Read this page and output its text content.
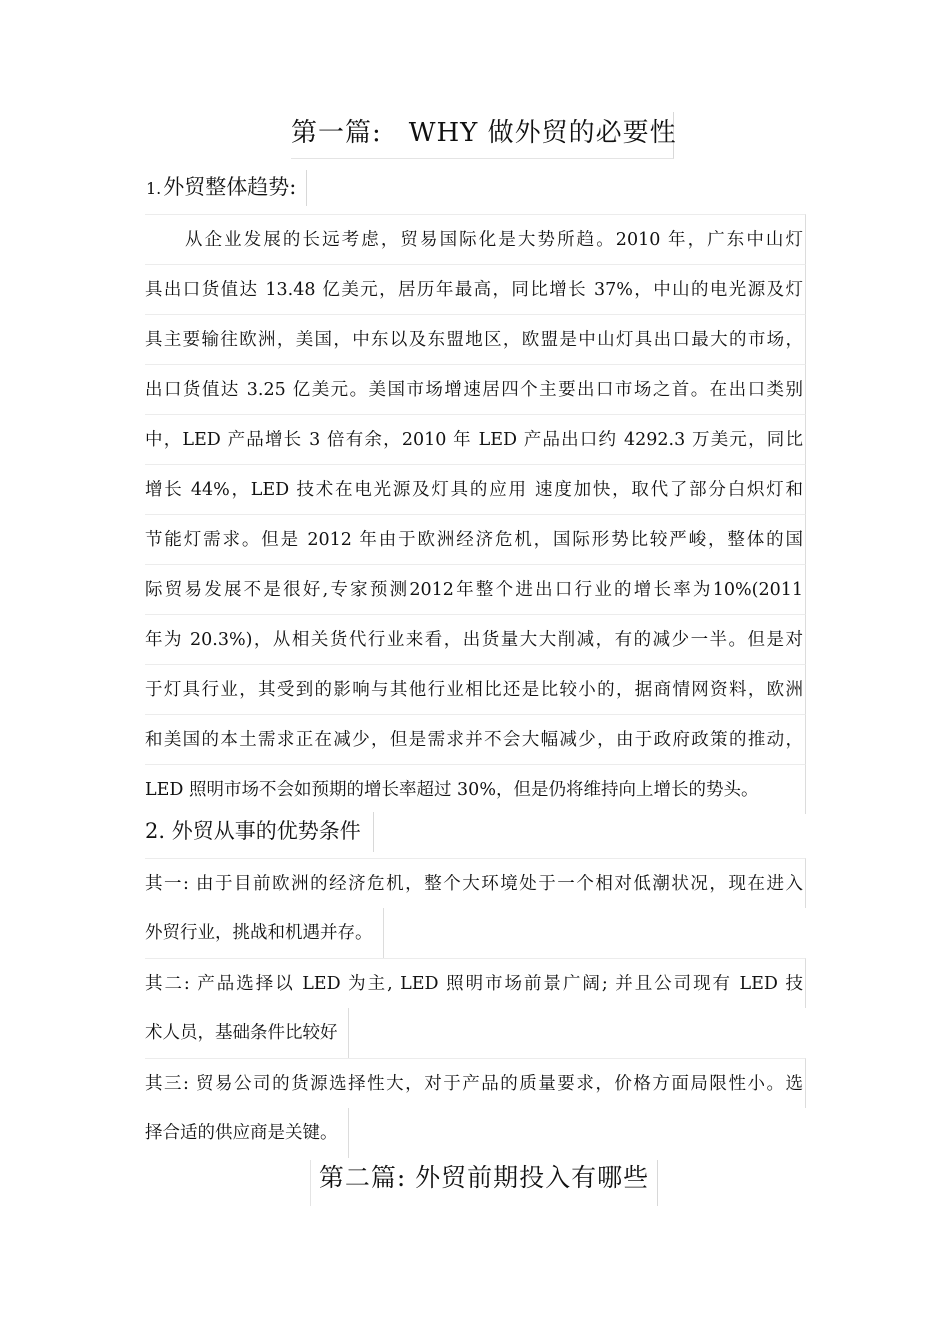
第一篇:　WHY 做外贸的必要性
1.外贸整体趋势:
从企业发展的长远考虑，贸易国际化是大势所趋。2010 年，广东中山灯
具出口货值达 13.48 亿美元，居历年最高，同比增长 37%，中山的电光源及灯
具主要输往欧洲，美国，中东以及东盟地区，欧盟是中山灯具出口最大的市场，
出口货值达 3.25 亿美元。美国市场增速居四个主要出口市场之首。在出口类别
中，LED 产品增长 3 倍有余，2010 年 LED 产品出口约 4292.3 万美元，同比
增长 44%，LED 技术在电光源及灯具的应用 速度加快，取代了部分白炽灯和
节能灯需求。但是 2012 年由于欧洲经济危机，国际形势比较严峻，整体的国
际贸易发展不是很好,专家预测2012年整个进出口行业的增长率为10%(2011
年为 20.3%)，从相关货代行业来看，出货量大大削减，有的减少一半。但是对
于灯具行业，其受到的影响与其他行业相比还是比较小的，据商情网资料，欧洲
和美国的本土需求正在减少，但是需求并不会大幅减少，由于政府政策的推动，
LED 照明市场不会如预期的增长率超过 30%，但是仍将维持向上增长的势头。
2. 外贸从事的优势条件
其一: 由于目前欧洲的经济危机，整个大环境处于一个相对低潮状况，现在进入
外贸行业，挑战和机遇并存。
其二: 产品选择以 LED 为主, LED 照明市场前景广阔; 并且公司现有 LED 技
术人员，基础条件比较好
其三: 贸易公司的货源选择性大，对于产品的质量要求，价格方面局限性小。选
择合适的供应商是关键。
第二篇: 外贸前期投入有哪些
